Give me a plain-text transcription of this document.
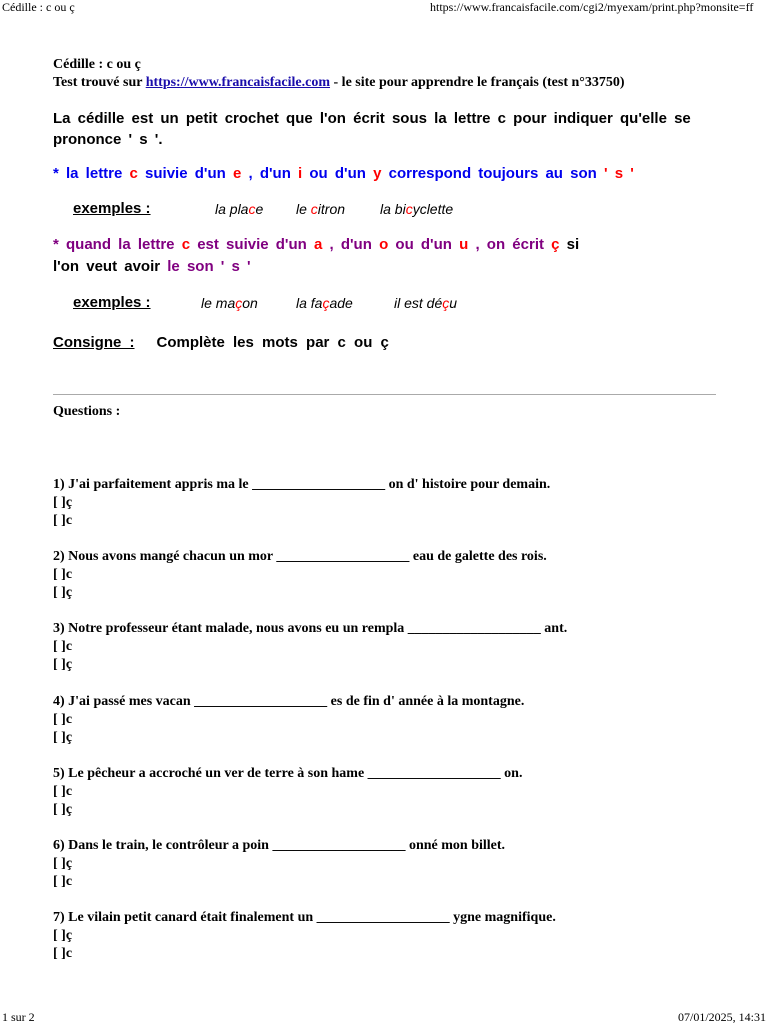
Cédille : c ou ç	https://www.francaisfacile.com/cgi2/myexam/print.php?monsite=ff
Cédille : c ou ç
Test trouvé sur https://www.francaisfacile.com - le site pour apprendre le français (test n°33750)
La cédille est un petit crochet que l'on écrit sous la lettre c pour indiquer qu'elle se prononce ' s '.
* la lettre c suivie d'un e , d'un i ou d'un y correspond toujours au son ' s '
exemples :	la place le citron la bicyclette
* quand la lettre c est suivie d'un a , d'un o ou d'un u , on écrit ç si
l'on veut avoir le son ' s '
exemples :	le maçon	la façade	il est déçu
Consigne : Complète les mots par c ou ç
Questions :
1) J'ai parfaitement appris ma le ___________________ on d' histoire pour demain.
[ ]ç
[ ]c
2) Nous avons mangé chacun un mor ___________________ eau de galette des rois.
[ ]c
[ ]ç
3) Notre professeur étant malade, nous avons eu un rempla ___________________ ant.
[ ]c
[ ]ç
4) J'ai passé mes vacan ___________________ es de fin d' année à la montagne.
[ ]c
[ ]ç
5) Le pêcheur a accroché un ver de terre à son hame ___________________ on.
[ ]c
[ ]ç
6) Dans le train, le contrôleur a poin ___________________ onné mon billet.
[ ]ç
[ ]c
7) Le vilain petit canard était finalement un ___________________ ygne magnifique.
[ ]ç
[ ]c
1 sur 2	07/01/2025, 14:31
